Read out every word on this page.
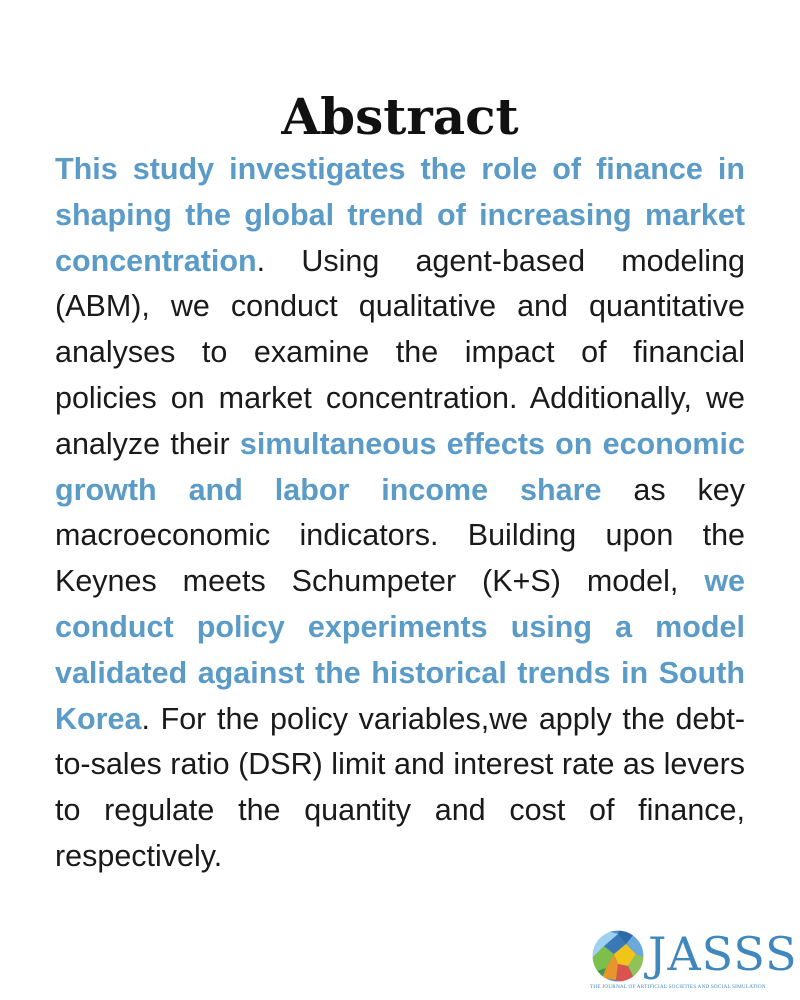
Abstract

This study investigates the role of finance in shaping the global trend of increasing market concentration. Using agent-based modeling (ABM), we conduct qualitative and quantitative analyses to examine the impact of financial policies on market concentration. Additionally, we analyze their simultaneous effects on economic growth and labor income share as key macroeconomic indicators. Building upon the Keynes meets Schumpeter (K+S) model, we conduct policy experiments using a model validated against the historical trends in South Korea. For the policy variables,we apply the debt-to-sales ratio (DSR) limit and interest rate as levers to regulate the quantity and cost of finance, respectively.

JASSS
THE JOURNAL OF ARTIFICIAL SOCIETIES AND SOCIAL SIMULATION
